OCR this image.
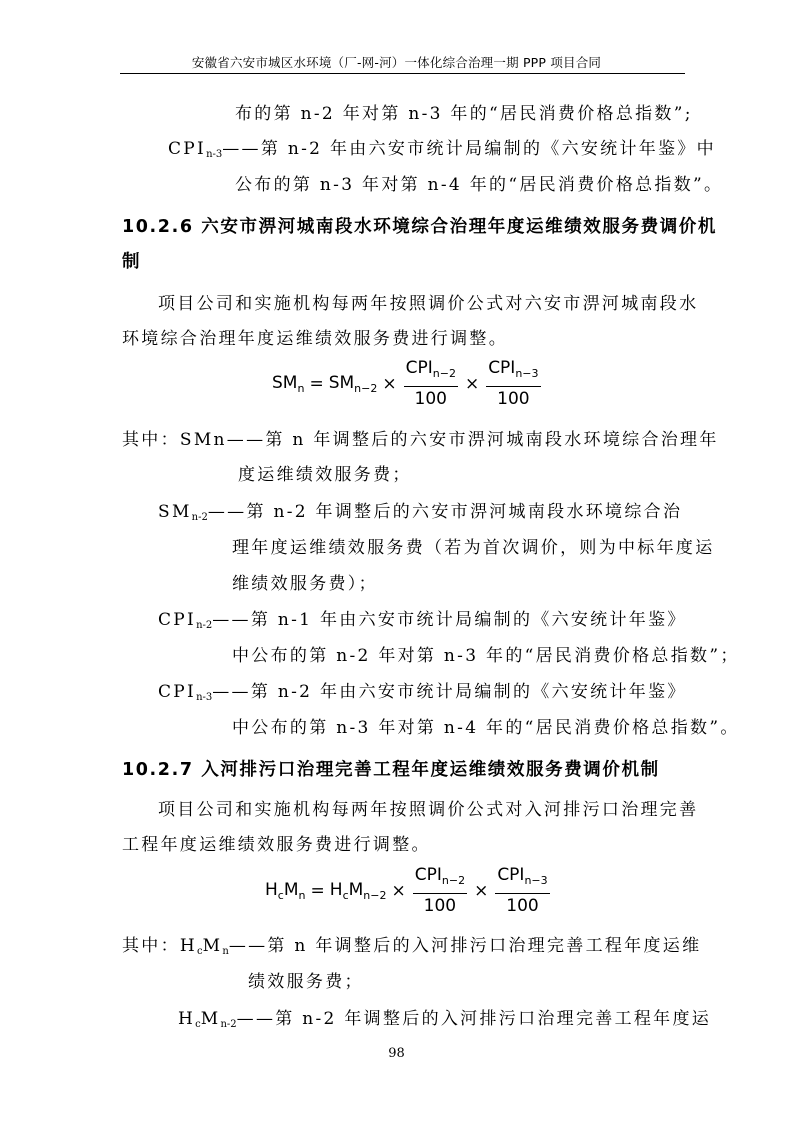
安徽省六安市城区水环境（厂-网-河）一体化综合治理一期 PPP 项目合同
布的第 n-2 年对第 n-3 年的“居民消费价格总指数”;
$CPI_{n-3}——$第 n-2 年由六安市统计局编制的《六安统计年鉴》中
公布的第 n-3 年对第 n-4 年的“居民消费价格总指数”。
10.2.6 六安市淠河城南段水环境综合治理年度运维绩效服务费调价机
制
项目公司和实施机构每两年按照调价公式对六安市淠河城南段水
环境综合治理年度运维绩效服务费进行调整。
$SM_n = SM_{n-2} \times \frac{CPI_{n-2}}{100} \times \frac{CPI_{n-3}}{100}$
其中：SMn——第 n 年调整后的六安市淠河城南段水环境综合治理年
度运维绩效服务费；
$SM_{n-2}——$第 n-2 年调整后的六安市淠河城南段水环境综合治
理年度运维绩效服务费（若为首次调价，则为中标年度运
维绩效服务费）；
$CPI_{n-2}——$第 n-1 年由六安市统计局编制的《六安统计年鉴》
中公布的第 n-2 年对第 n-3 年的“居民消费价格总指数”；
$CPI_{n-3}——$第 n-2 年由六安市统计局编制的《六安统计年鉴》
中公布的第 n-3 年对第 n-4 年的“居民消费价格总指数”。
10.2.7 入河排污口治理完善工程年度运维绩效服务费调价机制
项目公司和实施机构每两年按照调价公式对入河排污口治理完善
工程年度运维绩效服务费进行调整。
$H_cM_n = H_cM_{n-2} \times \frac{CPI_{n-2}}{100} \times \frac{CPI_{n-3}}{100}$
其中：$H_cM_n——$第 n 年调整后的入河排污口治理完善工程年度运维
绩效服务费；
$H_cM_{n-2}——$第 n-2 年调整后的入河排污口治理完善工程年度运
98
